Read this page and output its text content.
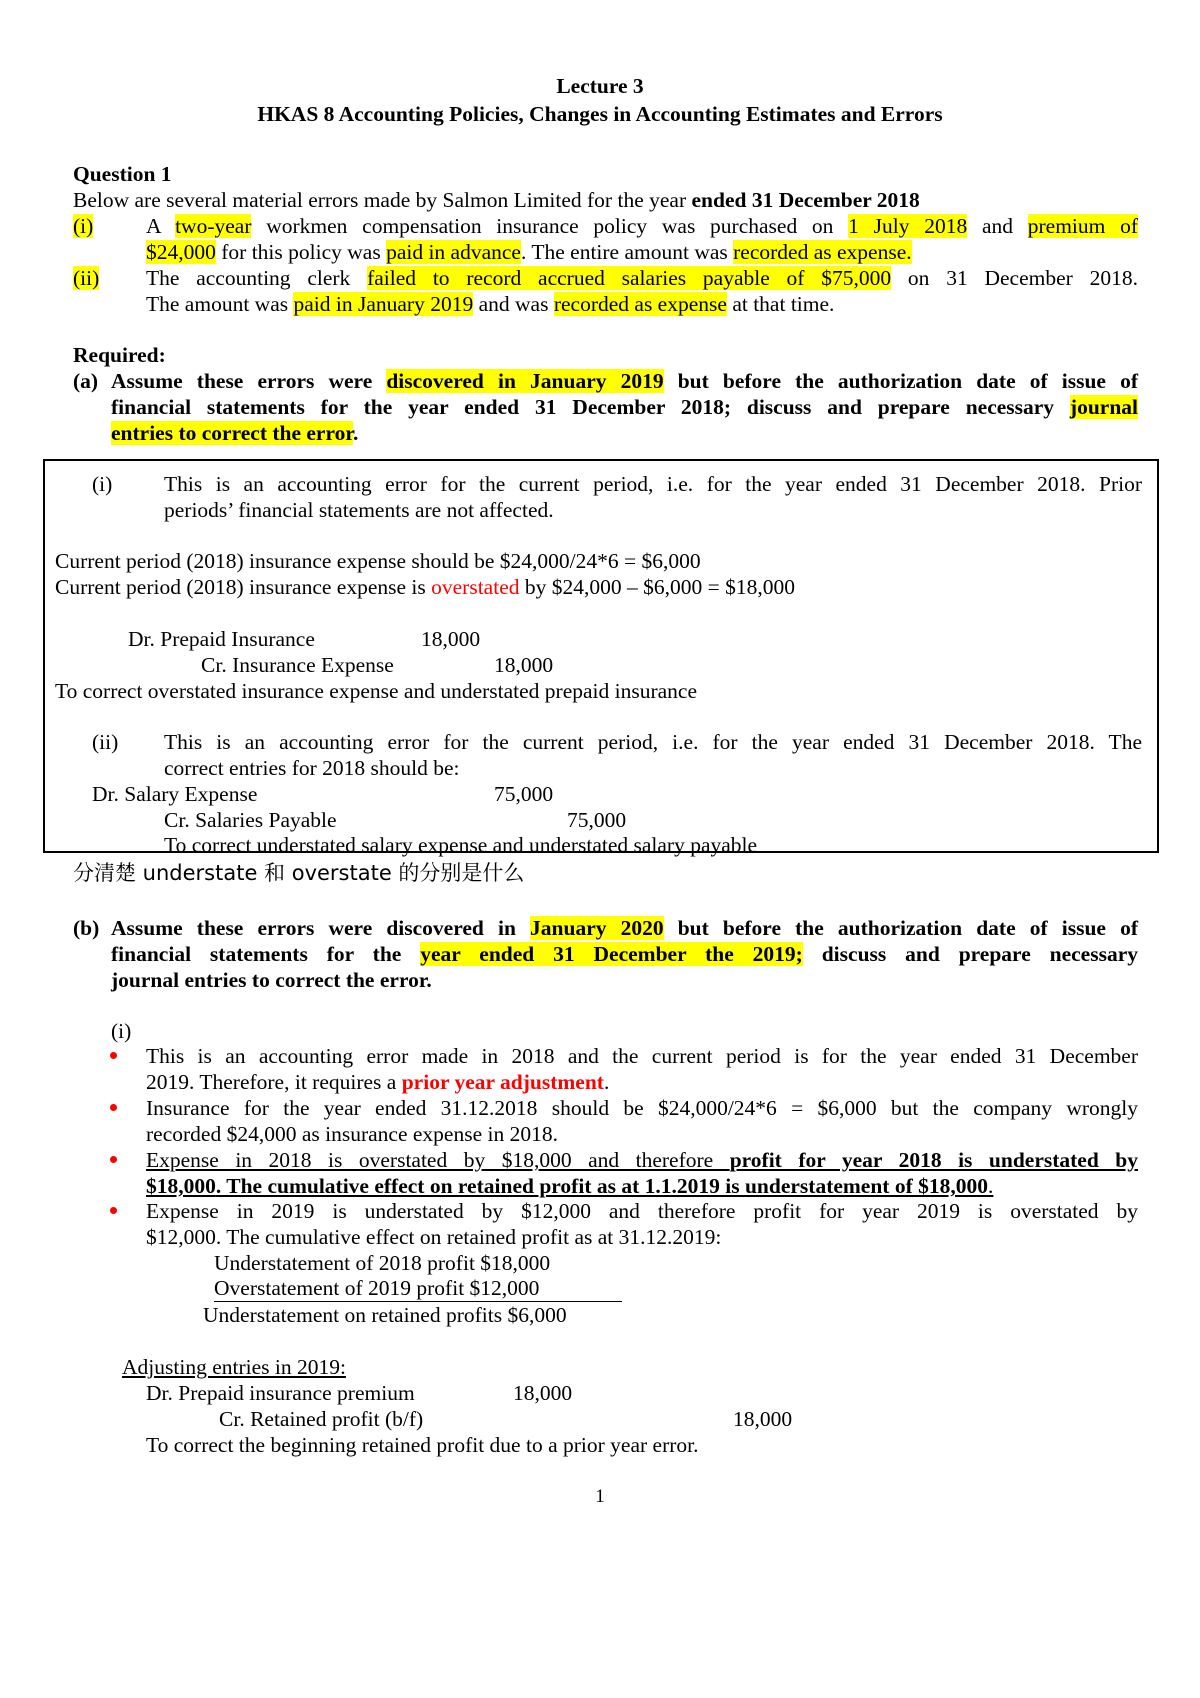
Lecture 3
HKAS 8 Accounting Policies, Changes in Accounting Estimates and Errors
Question 1
Below are several material errors made by Salmon Limited for the year ended 31 December 2018
(i) A two-year workmen compensation insurance policy was purchased on 1 July 2018 and premium of
$24,000 for this policy was paid in advance. The entire amount was recorded as expense.
(ii) The accounting clerk failed to record accrued salaries payable of $75,000 on 31 December 2018.
The amount was paid in January 2019 and was recorded as expense at that time.
Required:
(a) Assume these errors were discovered in January 2019 but before the authorization date of issue of
financial statements for the year ended 31 December 2018; discuss and prepare necessary journal
entries to correct the error.
(i) This is an accounting error for the current period, i.e. for the year ended 31 December 2018. Prior
periods’ financial statements are not affected.
Current period (2018) insurance expense should be $24,000/24*6 = $6,000
Current period (2018) insurance expense is overstated by $24,000 – $6,000 = $18,000
Dr. Prepaid Insurance	18,000
Cr. Insurance Expense	18,000
To correct overstated insurance expense and understated prepaid insurance
(ii) This is an accounting error for the current period, i.e. for the year ended 31 December 2018. The
correct entries for 2018 should be:
Dr. Salary Expense	75,000
Cr. Salaries Payable	75,000
To correct understated salary expense and understated salary payable
分清楚 understate 和 overstate 的分别是什么
(b) Assume these errors were discovered in January 2020 but before the authorization date of issue of
financial statements for the year ended 31 December the 2019; discuss and prepare necessary
journal entries to correct the error.
(i)
This is an accounting error made in 2018 and the current period is for the year ended 31 December
2019. Therefore, it requires a prior year adjustment.
Insurance for the year ended 31.12.2018 should be $24,000/24*6 = $6,000 but the company wrongly
recorded $24,000 as insurance expense in 2018.
Expense in 2018 is overstated by $18,000 and therefore profit for year 2018 is understated by
$18,000. The cumulative effect on retained profit as at 1.1.2019 is understatement of $18,000.
Expense in 2019 is understated by $12,000 and therefore profit for year 2019 is overstated by
$12,000. The cumulative effect on retained profit as at 31.12.2019:
Understatement of 2018 profit $18,000
Overstatement of 2019 profit $12,000
Understatement on retained profits $6,000
Adjusting entries in 2019:
Dr. Prepaid insurance premium	18,000
Cr. Retained profit (b/f)	18,000
To correct the beginning retained profit due to a prior year error.
1
